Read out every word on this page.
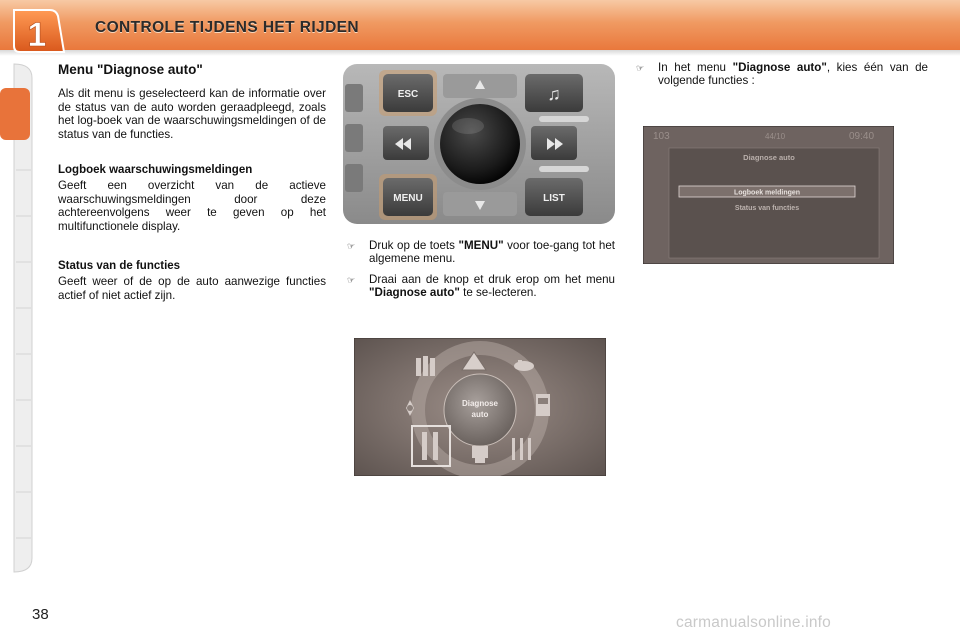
1	CONTROLE TIJDENS HET RIJDEN
Menu "Diagnose auto"

Als dit menu is geselecteerd kan de informatie over de status van de auto worden geraadpleegd, zoals het log-boek van de waarschuwingsmeldingen of de status van de functies.

Logboek waarschuwingsmeldingen

Geeft een overzicht van de actieve waarschuwingsmeldingen door deze achtereenvolgens weer te geven op het multifunctionele display.

Status van de functies

Geeft weer of de op de auto aanwezige functies actief of niet actief zijn.

ESC
MENU	LIST
♫
☞ Druk op de toets "MENU" voor toe-gang tot het algemene menu.
☞ Draai aan de knop et druk erop om het menu "Diagnose auto" te se-lecteren.
Diagnose
auto
☞ In het menu "Diagnose auto", kies één van de volgende functies :
103	44/10	09:40
Diagnose auto
Logboek meldingen
Status van functies
38	carmanualsonline.info
